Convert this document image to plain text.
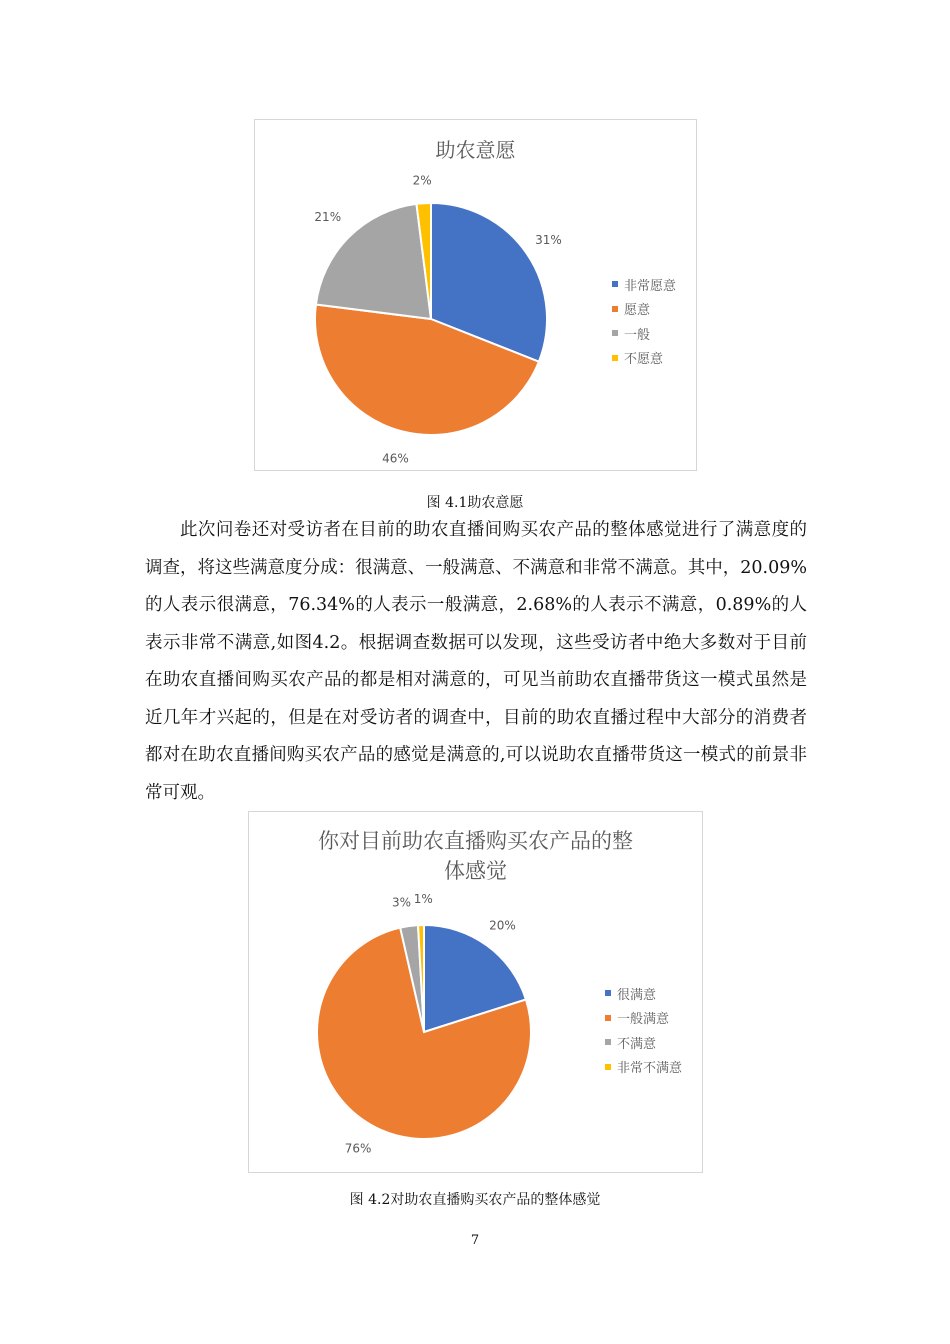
助农意愿
31%
46%
21%
2%
非常愿意
愿意
一般
不愿意
图 4.1助农意愿

此次问卷还对受访者在目前的助农直播间购买农产品的整体感觉进行了满意度的调查，将这些满意度分成：很满意、一般满意、不满意和非常不满意。其中，20.09%的人表示很满意，76.34%的人表示一般满意，2.68%的人表示不满意，0.89%的人表示非常不满意,如图4.2。根据调查数据可以发现，这些受访者中绝大多数对于目前在助农直播间购买农产品的都是相对满意的，可见当前助农直播带货这一模式虽然是近几年才兴起的，但是在对受访者的调查中，目前的助农直播过程中大部分的消费者都对在助农直播间购买农产品的感觉是满意的,可以说助农直播带货这一模式的前景非常可观。

你对目前助农直播购买农产品的整
体感觉
20%
76%
3% 1%
很满意
一般满意
不满意
非常不满意
图 4.2对助农直播购买农产品的整体感觉
7
